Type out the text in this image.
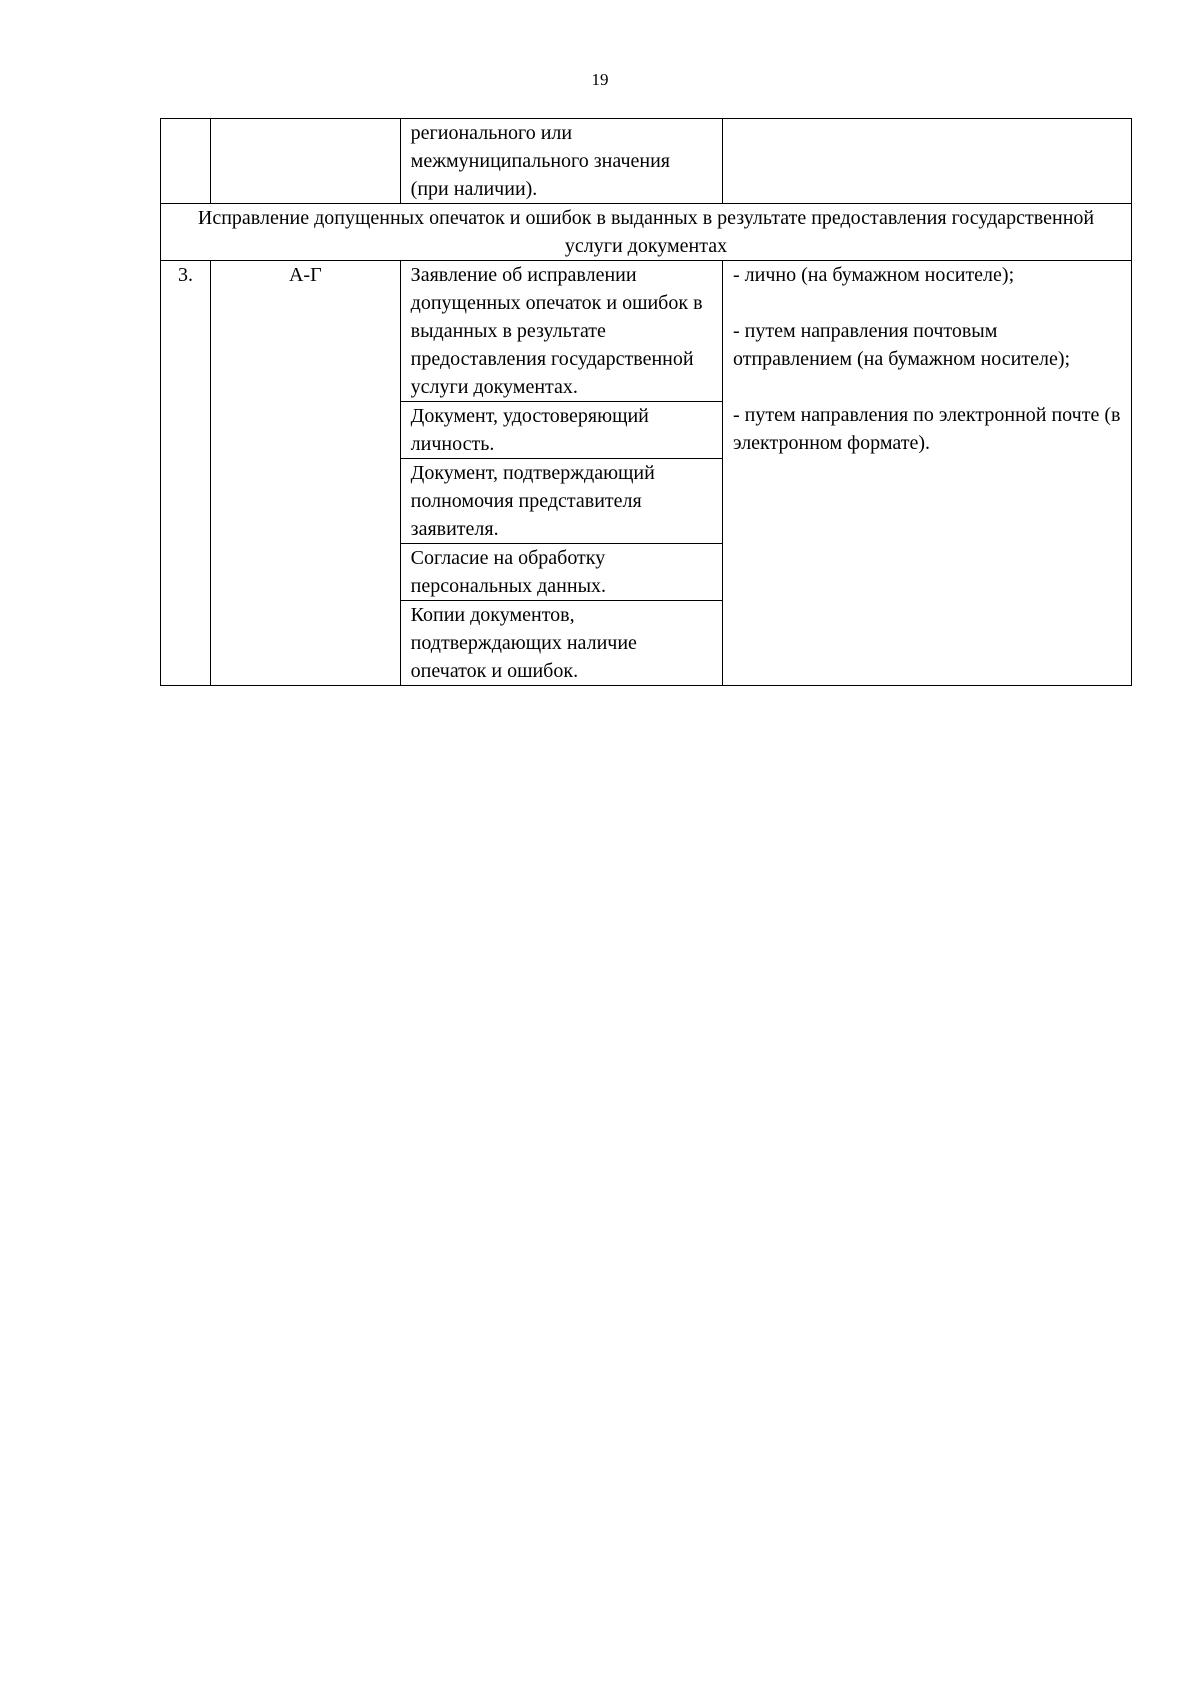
19
		регионального или межмуниципального значения (при наличии).	
Исправление допущенных опечаток и ошибок в выданных в результате предоставления государственной услуги документах			
3.	А-Г	Заявление об исправлении допущенных опечаток и ошибок в выданных в результате предоставления государственной услуги документах.	- лично (на бумажном носителе);

- путем направления почтовым отправлением (на бумажном носителе);

- путем направления по электронной почте (в электронном формате).

		Документ, удостоверяющий личность.	
		Документ, подтверждающий полномочия представителя заявителя.	
		Согласие на обработку персональных данных.	
		Копии документов, подтверждающих наличие опечаток и ошибок.	
